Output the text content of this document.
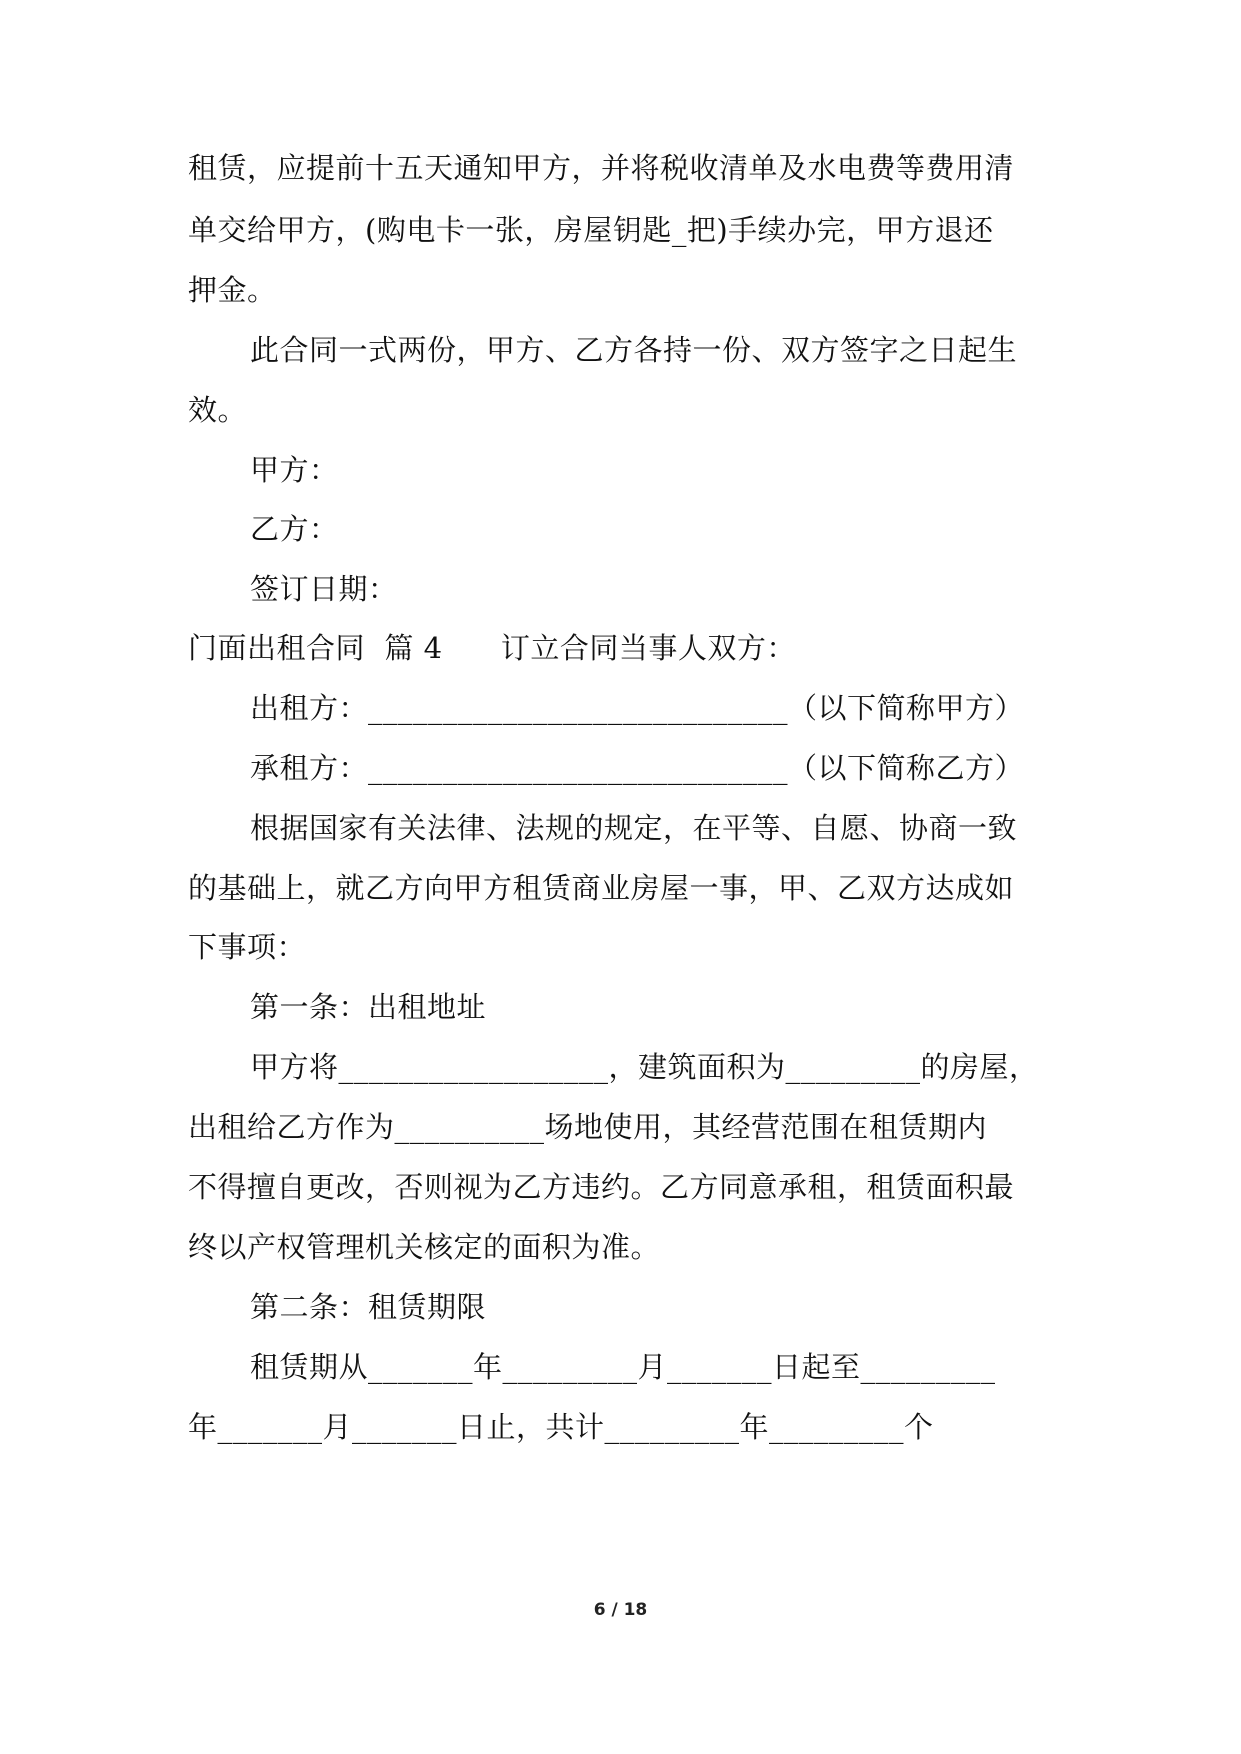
租赁，应提前十五天通知甲方，并将税收清单及水电费等费用清
单交给甲方，(购电卡一张，房屋钥匙_把)手续办完，甲方退还
押金。
此合同一式两份，甲方、乙方各持一份、双方签字之日起生
效。
甲方：
乙方：
签订日期：
门面出租合同  篇 4      订立合同当事人双方：
出租方：____________________________（以下简称甲方）
承租方：____________________________（以下简称乙方）
根据国家有关法律、法规的规定，在平等、自愿、协商一致
的基础上，就乙方向甲方租赁商业房屋一事，甲、乙双方达成如
下事项：
第一条：出租地址
甲方将__________________，建筑面积为_________的房屋，
出租给乙方作为__________场地使用，其经营范围在租赁期内
不得擅自更改，否则视为乙方违约。乙方同意承租，租赁面积最
终以产权管理机关核定的面积为准。
第二条：租赁期限
租赁期从_______年_________月_______日起至_________
年_______月_______日止，共计_________年_________个
6 / 18
